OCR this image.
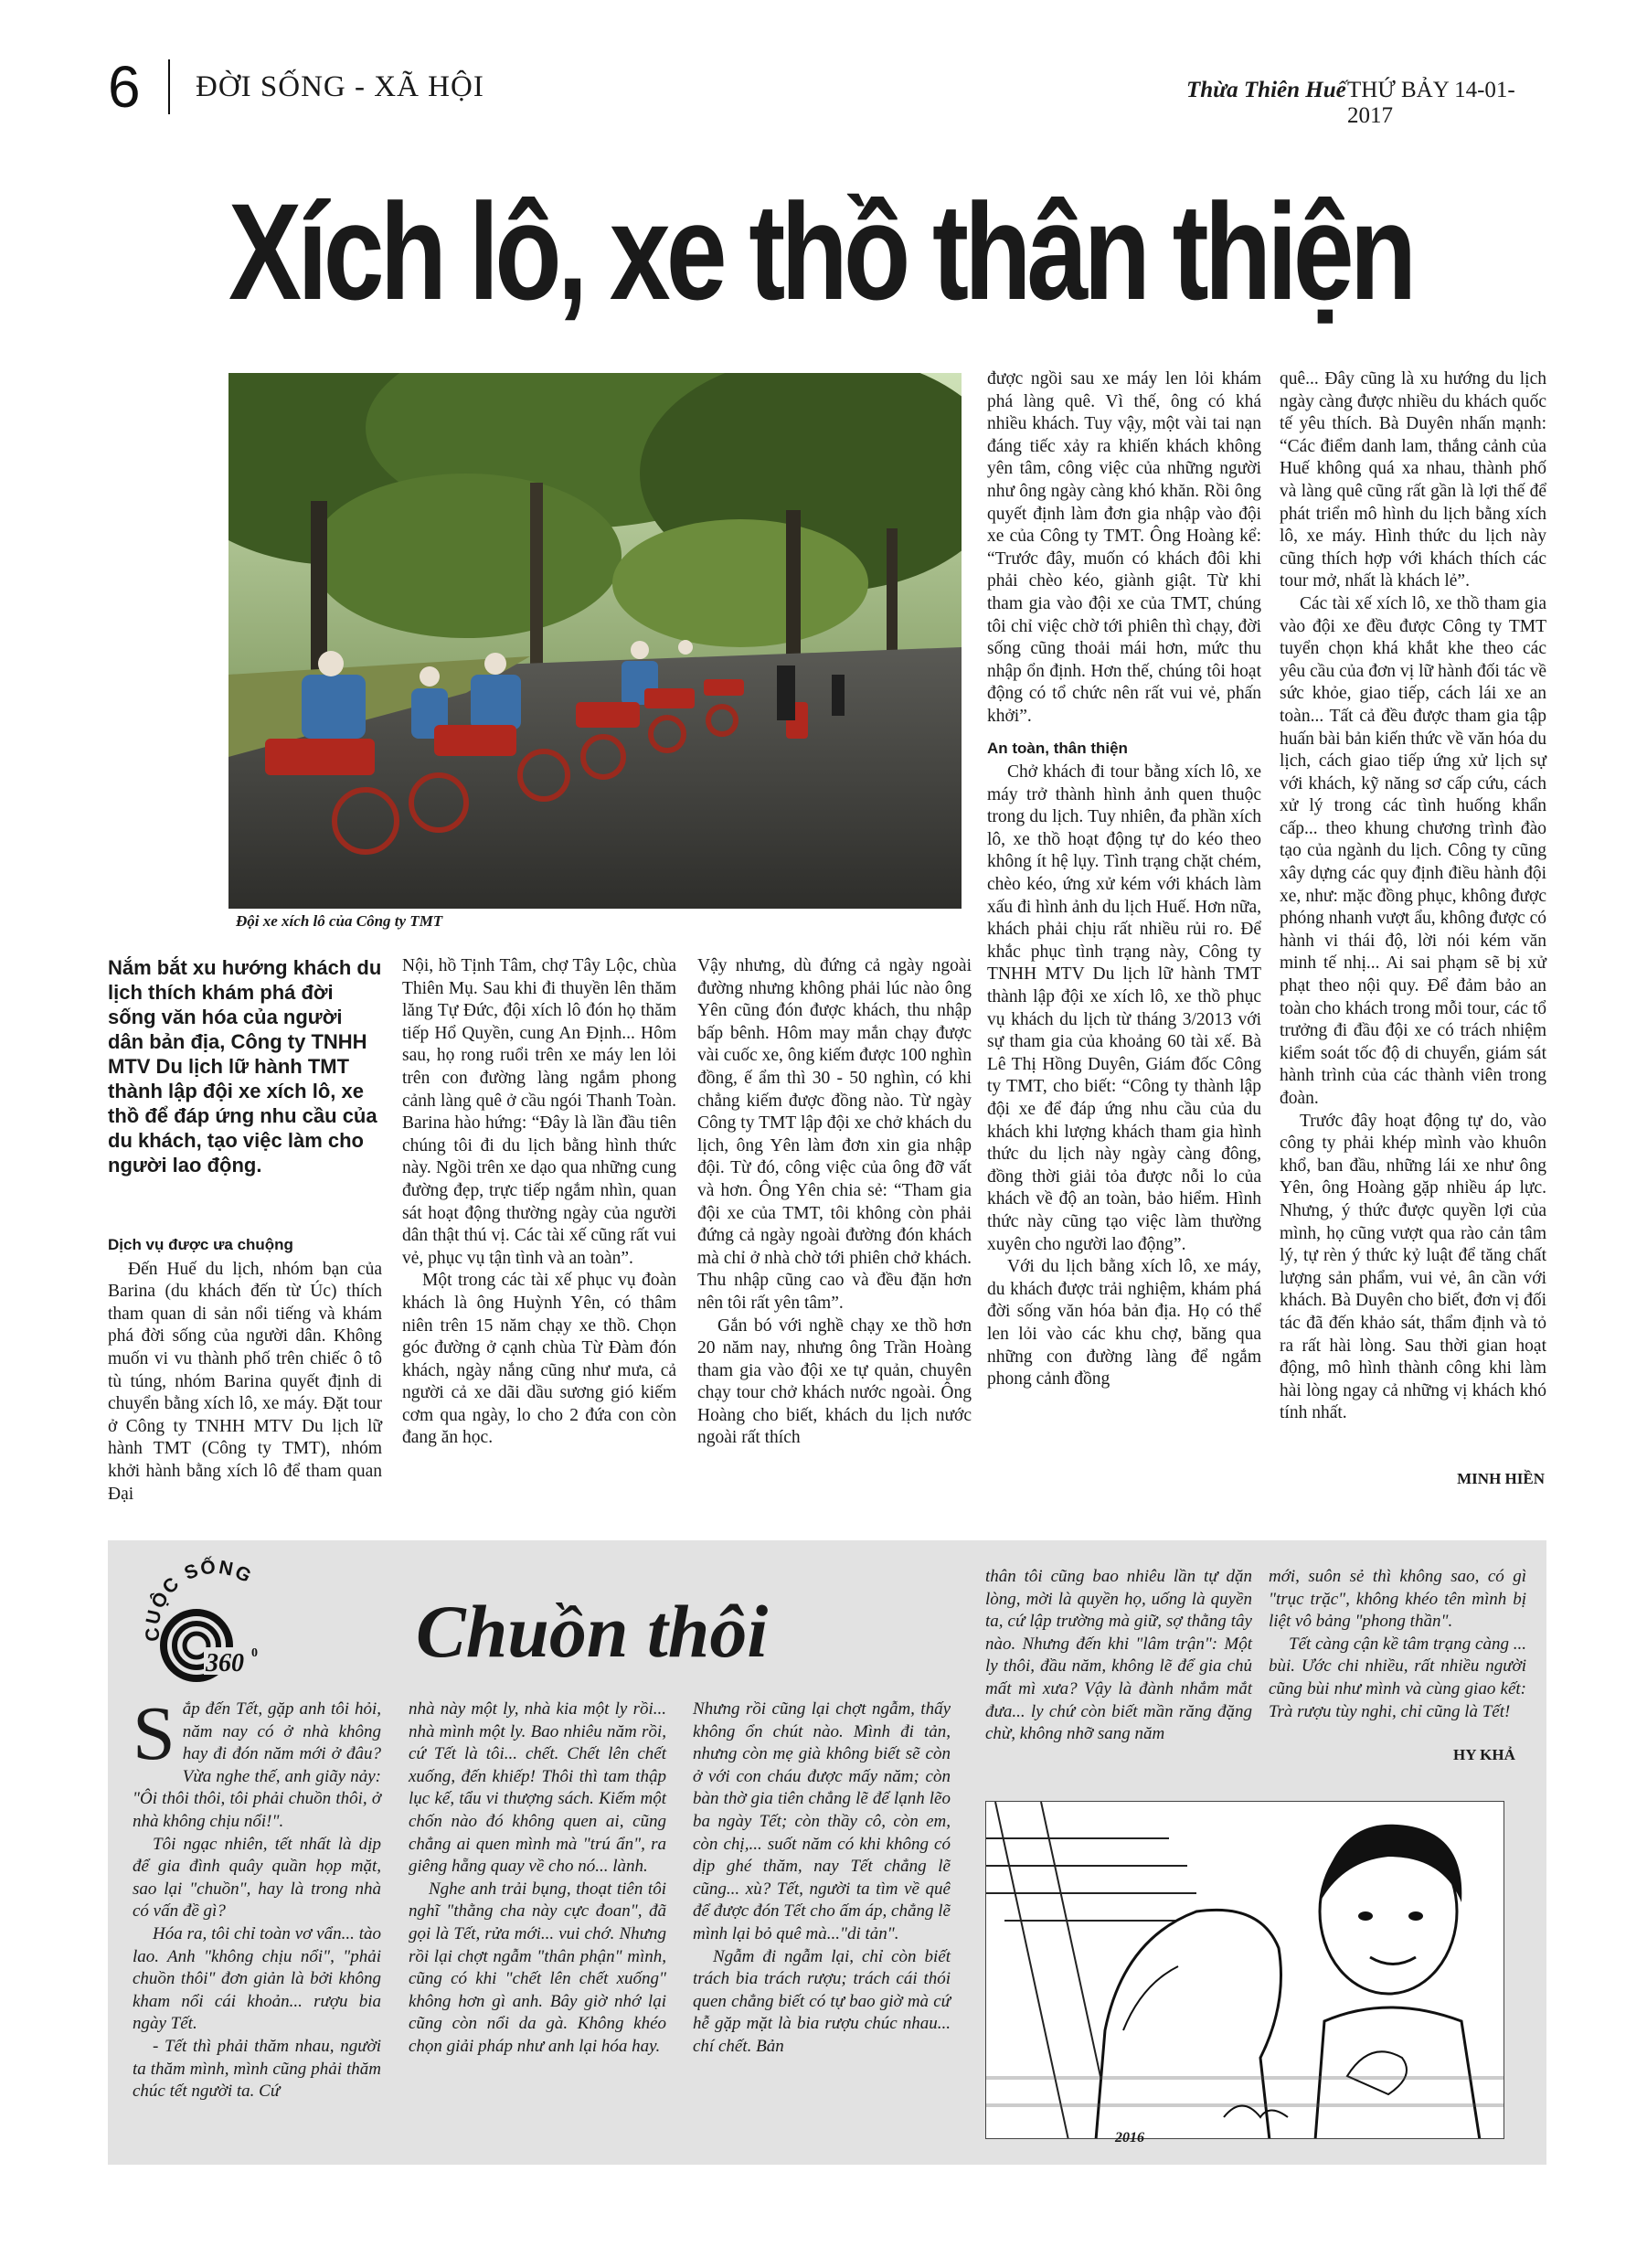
6 ĐỜI SỐNG - XÃ HỘI	Thừa Thiên Huế THỨ BẢY 14-01-2017
Xích lô, xe thồ thân thiện
Đội xe xích lô của Công ty TMT
Nắm bắt xu hướng khách du lịch thích khám phá đời sống văn hóa của người dân bản địa, Công ty TNHH MTV Du lịch lữ hành TMT thành lập đội xe xích lô, xe thồ để đáp ứng nhu cầu của du khách, tạo việc làm cho người lao động.

Dịch vụ được ưa chuộng

Đến Huế du lịch, nhóm bạn của Barina (du khách đến từ Úc) thích tham quan di sản nổi tiếng và khám phá đời sống của người dân. Không muốn vi vu thành phố trên chiếc ô tô tù túng, nhóm Barina quyết định di chuyển bằng xích lô, xe máy. Đặt tour ở Công ty TNHH MTV Du lịch lữ hành TMT (Công ty TMT), nhóm khởi hành bằng xích lô để tham quan Đại

Nội, hồ Tịnh Tâm, chợ Tây Lộc, chùa Thiên Mụ. Sau khi đi thuyền lên thăm lăng Tự Đức, đội xích lô đón họ thăm tiếp Hổ Quyền, cung An Định... Hôm sau, họ rong ruổi trên xe máy len lỏi trên con đường làng ngắm phong cảnh làng quê ở cầu ngói Thanh Toàn. Barina hào hứng: “Đây là lần đầu tiên chúng tôi đi du lịch bằng hình thức này. Ngồi trên xe dạo qua những cung đường đẹp, trực tiếp ngắm nhìn, quan sát hoạt động thường ngày của người dân thật thú vị. Các tài xế cũng rất vui vẻ, phục vụ tận tình và an toàn”.

Một trong các tài xế phục vụ đoàn khách là ông Huỳnh Yên, có thâm niên trên 15 năm chạy xe thồ. Chọn góc đường ở cạnh chùa Từ Đàm đón khách, ngày nắng cũng như mưa, cả người cả xe dãi dầu sương gió kiếm cơm qua ngày, lo cho 2 đứa con còn đang ăn học.

Vậy nhưng, dù đứng cả ngày ngoài đường nhưng không phải lúc nào ông Yên cũng đón được khách, thu nhập bấp bênh. Hôm may mắn chạy được vài cuốc xe, ông kiếm được 100 nghìn đồng, ế ẩm thì 30 - 50 nghìn, có khi chẳng kiếm được đồng nào. Từ ngày Công ty TMT lập đội xe chở khách du lịch, ông Yên làm đơn xin gia nhập đội. Từ đó, công việc của ông đỡ vất và hơn. Ông Yên chia sẻ: “Tham gia đội xe của TMT, tôi không còn phải đứng cả ngày ngoài đường đón khách mà chỉ ở nhà chờ tới phiên chở khách. Thu nhập cũng cao và đều đặn hơn nên tôi rất yên tâm”.

Gắn bó với nghề chạy xe thồ hơn 20 năm nay, nhưng ông Trần Hoàng tham gia vào đội xe tự quản, chuyên chạy tour chở khách nước ngoài. Ông Hoàng cho biết, khách du lịch nước ngoài rất thích

được ngồi sau xe máy len lỏi khám phá làng quê. Vì thế, ông có khá nhiều khách. Tuy vậy, một vài tai nạn đáng tiếc xảy ra khiến khách không yên tâm, công việc của những người như ông ngày càng khó khăn. Rồi ông quyết định làm đơn gia nhập vào đội xe của Công ty TMT. Ông Hoàng kể: “Trước đây, muốn có khách đôi khi phải chèo kéo, giành giật. Từ khi tham gia vào đội xe của TMT, chúng tôi chỉ việc chờ tới phiên thì chạy, đời sống cũng thoải mái hơn, mức thu nhập ổn định. Hơn thế, chúng tôi hoạt động có tổ chức nên rất vui vẻ, phấn khởi”.

An toàn, thân thiện

Chở khách đi tour bằng xích lô, xe máy trở thành hình ảnh quen thuộc trong du lịch. Tuy nhiên, đa phần xích lô, xe thồ hoạt động tự do kéo theo không ít hệ lụy. Tình trạng chặt chém, chèo kéo, ứng xử kém với khách làm xấu đi hình ảnh du lịch Huế. Hơn nữa, khách phải chịu rất nhiều rủi ro. Để khắc phục tình trạng này, Công ty TNHH MTV Du lịch lữ hành TMT thành lập đội xe xích lô, xe thồ phục vụ khách du lịch từ tháng 3/2013 với sự tham gia của khoảng 60 tài xế. Bà Lê Thị Hồng Duyên, Giám đốc Công ty TMT, cho biết: “Công ty thành lập đội xe để đáp ứng nhu cầu của du khách khi lượng khách tham gia hình thức du lịch này ngày càng đông, đồng thời giải tỏa được nỗi lo của khách về độ an toàn, bảo hiểm. Hình thức này cũng tạo việc làm thường xuyên cho người lao động”.

Với du lịch bằng xích lô, xe máy, du khách được trải nghiệm, khám phá đời sống văn hóa bản địa. Họ có thể len lỏi vào các khu chợ, băng qua những con đường làng để ngắm phong cảnh đồng

quê... Đây cũng là xu hướng du lịch ngày càng được nhiều du khách quốc tế yêu thích. Bà Duyên nhấn mạnh: “Các điểm danh lam, thắng cảnh của Huế không quá xa nhau, thành phố và làng quê cũng rất gần là lợi thế để phát triển mô hình du lịch bằng xích lô, xe máy. Hình thức du lịch này cũng thích hợp với khách thích các tour mở, nhất là khách lẻ”.

Các tài xế xích lô, xe thồ tham gia vào đội xe đều được Công ty TMT tuyển chọn khá khắt khe theo các yêu cầu của đơn vị lữ hành đối tác về sức khỏe, giao tiếp, cách lái xe an toàn... Tất cả đều được tham gia tập huấn bài bản kiến thức về văn hóa du lịch, cách giao tiếp ứng xử lịch sự với khách, kỹ năng sơ cấp cứu, cách xử lý trong các tình huống khẩn cấp... theo khung chương trình đào tạo của ngành du lịch. Công ty cũng xây dựng các quy định điều hành đội xe, như: mặc đồng phục, không được phóng nhanh vượt ẩu, không được có hành vi thái độ, lời nói kém văn minh tế nhị... Ai sai phạm sẽ bị xử phạt theo nội quy. Để đảm bảo an toàn cho khách trong mỗi tour, các tổ trưởng đi đầu đội xe có trách nhiệm kiểm soát tốc độ di chuyển, giám sát hành trình của các thành viên trong đoàn.

Trước đây hoạt động tự do, vào công ty phải khép mình vào khuôn khổ, ban đầu, những lái xe như ông Yên, ông Hoàng gặp nhiều áp lực. Nhưng, ý thức được quyền lợi của mình, họ cũng vượt qua rào cản tâm lý, tự rèn ý thức kỷ luật để tăng chất lượng sản phẩm, vui vẻ, ân cần với khách. Bà Duyên cho biết, đơn vị đối tác đã đến khảo sát, thẩm định và tỏ ra rất hài lòng. Sau thời gian hoạt động, mô hình thành công khi làm hài lòng ngay cả những vị khách khó tính nhất.

MINH HIỀN
CUỘC SỐNG
360 0 Chuồn thôi

Sắp đến Tết, gặp anh tôi hỏi, năm nay có ở nhà không hay đi đón năm mới ở đâu? Vừa nghe thế, anh giãy nảy: "Ôi thôi thôi, tôi phải chuồn thôi, ở nhà không chịu nổi!".

Tôi ngạc nhiên, tết nhất là dịp để gia đình quây quần họp mặt, sao lại "chuồn", hay là trong nhà có vấn đề gì?

Hóa ra, tôi chỉ toàn vơ vẩn... tào lao. Anh "không chịu nổi", "phải chuồn thôi" đơn giản là bởi không kham nổi cái khoản... rượu bia ngày Tết.

- Tết thì phải thăm nhau, người ta thăm mình, mình cũng phải thăm chúc tết người ta. Cứ

nhà này một ly, nhà kia một ly rồi... nhà mình một ly. Bao nhiêu năm rồi, cứ Tết là tôi... chết. Chết lên chết xuống, đến khiếp! Thôi thì tam thập lục kế, tẩu vi thượng sách. Kiếm một chốn nào đó không quen ai, cũng chẳng ai quen mình mà "trú ẩn", ra giêng hẵng quay về cho nó... lành.

Nghe anh trải bụng, thoạt tiên tôi nghĩ "thằng cha này cực đoan", đã gọi là Tết, rửa mới... vui chớ. Nhưng rồi lại chợt ngẫm "thân phận" mình, cũng có khi "chết lên chết xuống" không hơn gì anh. Bây giờ nhớ lại cũng còn nổi da gà. Không khéo chọn giải pháp như anh lại hóa hay.

Nhưng rồi cũng lại chợt ngẫm, thấy không ổn chút nào. Mình đi tản, nhưng còn mẹ già không biết sẽ còn ở với con cháu được mấy năm; còn bàn thờ gia tiên chẳng lẽ để lạnh lẽo ba ngày Tết; còn thầy cô, còn em, còn chị,... suốt năm có khi không có dịp ghé thăm, nay Tết chẳng lẽ cũng... xù? Tết, người ta tìm về quê để được đón Tết cho ấm áp, chẳng lẽ mình lại bỏ quê mà..."di tản".

Ngẫm đi ngẫm lại, chỉ còn biết trách bia trách rượu; trách cái thói quen chẳng biết có tự bao giờ mà cứ hễ gặp mặt là bia rượu chúc nhau... chí chết. Bản

thân tôi cũng bao nhiêu lần tự dặn lòng, mời là quyền họ, uống là quyền ta, cứ lập trường mà giữ, sợ thằng tây nào. Nhưng đến khi "lâm trận": Một ly thôi, đầu năm, không lẽ để gia chủ mất mì xưa? Vậy là đành nhắm mắt đưa... ly chứ còn biết mần răng đặng chừ, không nhỡ sang năm

mới, suôn sẻ thì không sao, có gì "trục trặc", không khéo tên mình bị liệt vô bảng "phong thần".

Tết càng cận kề tâm trạng càng ... bùi. Ước chi nhiều, rất nhiều người cũng bùi như mình và cùng giao kết: Trà rượu tùy nghi, chỉ cũng là Tết!

HY KHẢ
2016
